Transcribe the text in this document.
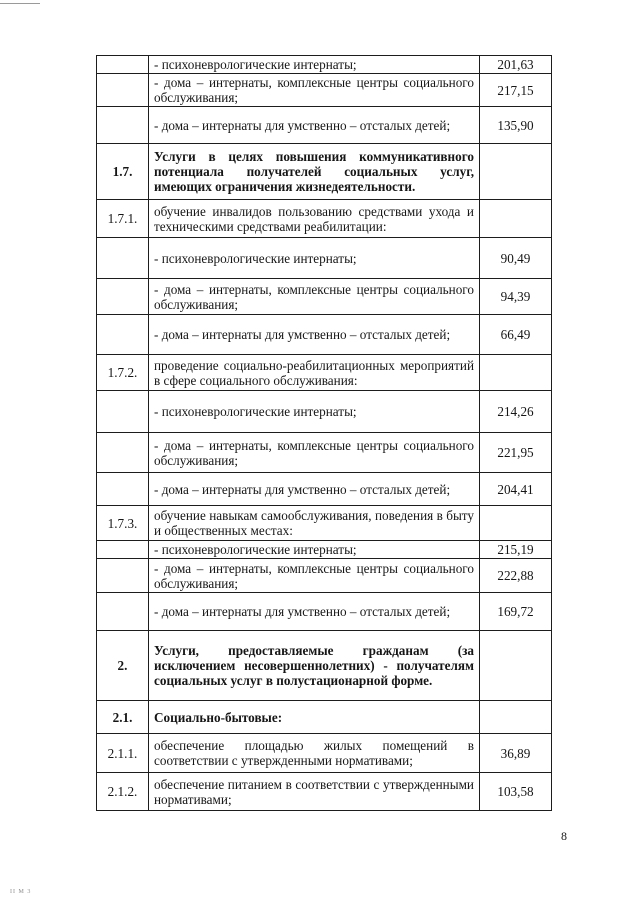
	- психоневрологические интернаты;	201,63
	- дома – интернаты, комплексные центры социального обслуживания;	217,15
	- дома – интернаты для умственно – отсталых детей;	135,90
1.7.	Услуги в целях повышения коммуникативного потенциала получателей социальных услуг, имеющих ограничения жизнедеятельности.	
1.7.1.	обучение инвалидов пользованию средствами ухода и техническими средствами реабилитации:	
	- психоневрологические интернаты;	90,49
	- дома – интернаты, комплексные центры социального обслуживания;	94,39
	- дома – интернаты для умственно – отсталых детей;	66,49
1.7.2.	проведение социально-реабилитационных мероприятий в сфере социального обслуживания:	
	- психоневрологические интернаты;	214,26
	- дома – интернаты, комплексные центры социального обслуживания;	221,95
	- дома – интернаты для умственно – отсталых детей;	204,41
1.7.3.	обучение навыкам самообслуживания, поведения в быту и общественных местах:	
	- психоневрологические интернаты;	215,19
	- дома – интернаты, комплексные центры социального обслуживания;	222,88
	- дома – интернаты для умственно – отсталых детей;	169,72
2.	Услуги, предоставляемые гражданам (за исключением несовершеннолетних) - получателям социальных услуг в полустационарной форме.	
2.1.	Социально-бытовые:	
2.1.1.	обеспечение площадью жилых помещений в соответствии с утвержденными нормативами;	36,89
2.1.2.	обеспечение питанием в соответствии с утвержденными нормативами;	103,58
8
II M 3
